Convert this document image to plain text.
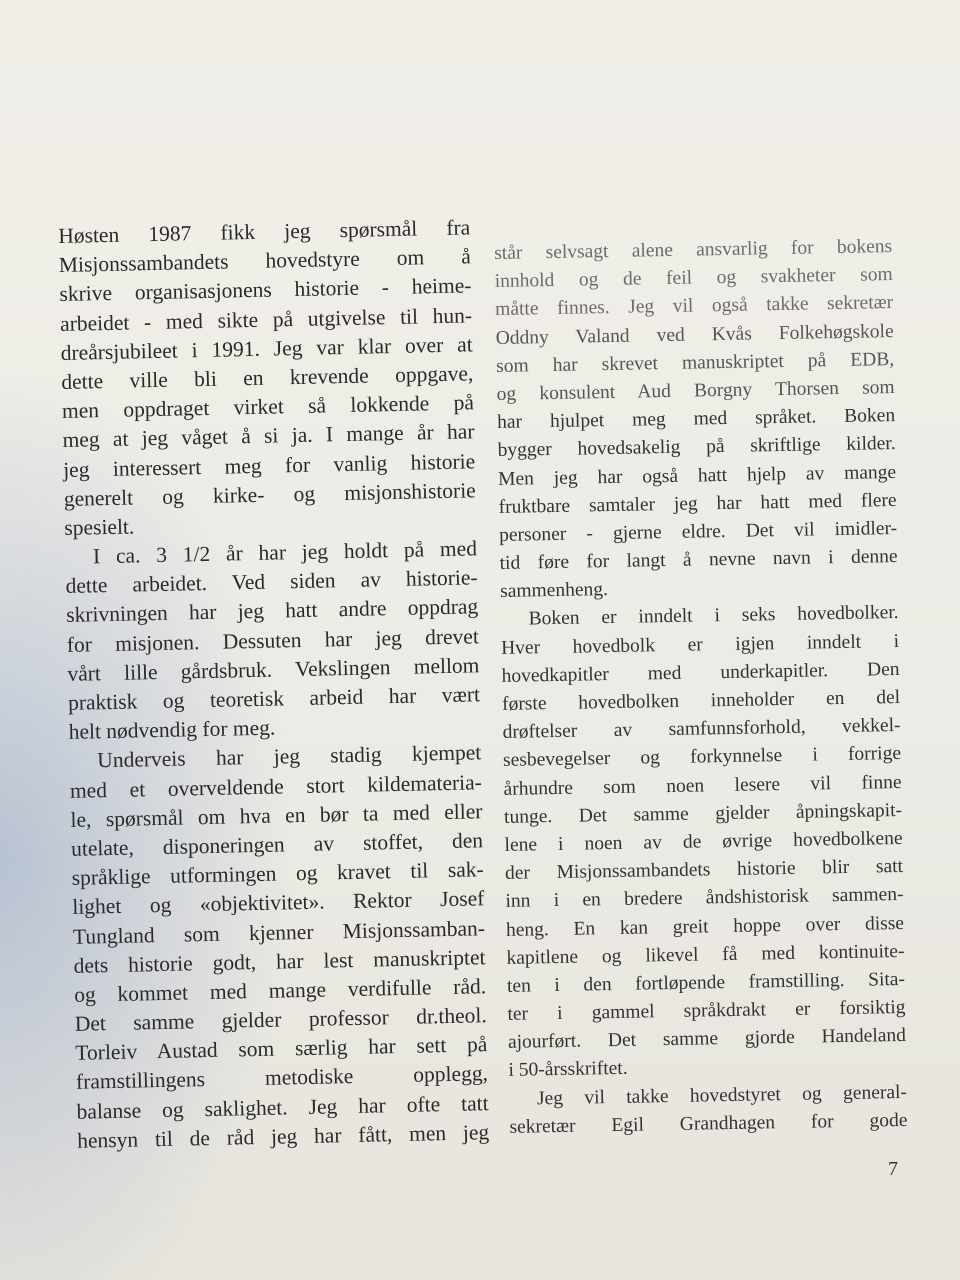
Høsten 1987 fikk jeg spørsmål fra
Misjonssambandets hovedstyre om å
skrive organisasjonens historie - heime-
arbeidet - med sikte på utgivelse til hun-
dreårsjubileet i 1991. Jeg var klar over at
dette ville bli en krevende oppgave,
men oppdraget virket så lokkende på
meg at jeg våget å si ja. I mange år har
jeg interessert meg for vanlig historie
generelt og kirke- og misjonshistorie
spesielt.
I ca. 3 1/2 år har jeg holdt på med
dette arbeidet. Ved siden av historie-
skrivningen har jeg hatt andre oppdrag
for misjonen. Dessuten har jeg drevet
vårt lille gårdsbruk. Vekslingen mellom
praktisk og teoretisk arbeid har vært
helt nødvendig for meg.
Underveis har jeg stadig kjempet
med et overveldende stort kildemateria-
le, spørsmål om hva en bør ta med eller
utelate, disponeringen av stoffet, den
språklige utformingen og kravet til sak-
lighet og «objektivitet». Rektor Josef
Tungland som kjenner Misjonssamban-
dets historie godt, har lest manuskriptet
og kommet med mange verdifulle råd.
Det samme gjelder professor dr.theol.
Torleiv Austad som særlig har sett på
framstillingens metodiske opplegg,
balanse og saklighet. Jeg har ofte tatt
hensyn til de råd jeg har fått, men jeg
står selvsagt alene ansvarlig for bokens
innhold og de feil og svakheter som
måtte finnes. Jeg vil også takke sekretær
Oddny Valand ved Kvås Folkehøgskole
som har skrevet manuskriptet på EDB,
og konsulent Aud Borgny Thorsen som
har hjulpet meg med språket. Boken
bygger hovedsakelig på skriftlige kilder.
Men jeg har også hatt hjelp av mange
fruktbare samtaler jeg har hatt med flere
personer - gjerne eldre. Det vil imidler-
tid føre for langt å nevne navn i denne
sammenheng.
Boken er inndelt i seks hovedbolker.
Hver hovedbolk er igjen inndelt i
hovedkapitler med underkapitler. Den
første hovedbolken inneholder en del
drøftelser av samfunnsforhold, vekkel-
sesbevegelser og forkynnelse i forrige
århundre som noen lesere vil finne
tunge. Det samme gjelder åpningskapit-
lene i noen av de øvrige hovedbolkene
der Misjonssambandets historie blir satt
inn i en bredere åndshistorisk sammen-
heng. En kan greit hoppe over disse
kapitlene og likevel få med kontinuite-
ten i den fortløpende framstilling. Sita-
ter i gammel språkdrakt er forsiktig
ajourført. Det samme gjorde Handeland
i 50-årsskriftet.
Jeg vil takke hovedstyret og general-
sekretær Egil Grandhagen for gode
7
